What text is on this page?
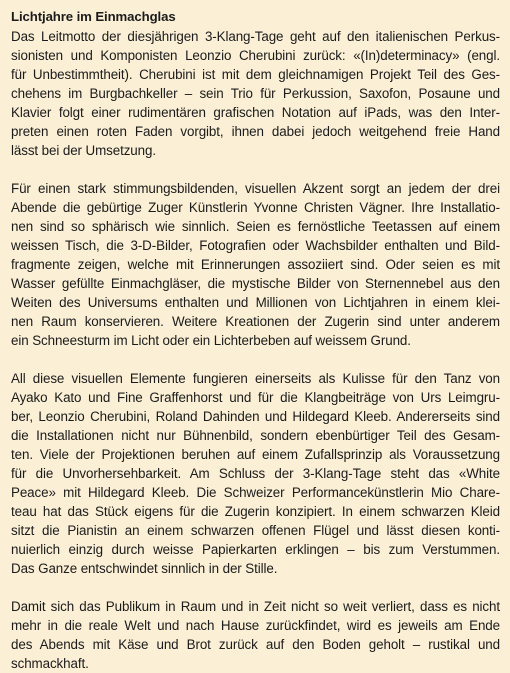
Lichtjahre im Einmachglas
Das Leitmotto der diesjährigen 3-Klang-Tage geht auf den italienischen Perkus-
sionisten und Komponisten Leonzio Cherubini zurück: «(In)determinacy» (engl.
für Unbestimmtheit). Cherubini ist mit dem gleichnamigen Projekt Teil des Ges-
chehens im Burgbachkeller – sein Trio für Perkussion, Saxofon, Posaune und
Klavier folgt einer rudimentären grafischen Notation auf iPads, was den Inter-
preten einen roten Faden vorgibt, ihnen dabei jedoch weitgehend freie Hand
lässt bei der Umsetzung.
Für einen stark stimmungsbildenden, visuellen Akzent sorgt an jedem der drei
Abende die gebürtige Zuger Künstlerin Yvonne Christen Vägner. Ihre Installatio-
nen sind so sphärisch wie sinnlich. Seien es fernöstliche Teetassen auf einem
weissen Tisch, die 3-D-Bilder, Fotografien oder Wachsbilder enthalten und Bild-
fragmente zeigen, welche mit Erinnerungen assoziiert sind. Oder seien es mit
Wasser gefüllte Einmachgläser, die mystische Bilder von Sternennebel aus den
Weiten des Universums enthalten und Millionen von Lichtjahren in einem klei-
nen Raum konservieren. Weitere Kreationen der Zugerin sind unter anderem
ein Schneesturm im Licht oder ein Lichterbeben auf weissem Grund.
All diese visuellen Elemente fungieren einerseits als Kulisse für den Tanz von
Ayako Kato und Fine Graffenhorst und für die Klangbeiträge von Urs Leimgru-
ber, Leonzio Cherubini, Roland Dahinden und Hildegard Kleeb. Andererseits sind
die Installationen nicht nur Bühnenbild, sondern ebenbürtiger Teil des Gesam-
ten. Viele der Projektionen beruhen auf einem Zufallsprinzip als Voraussetzung
für die Unvorhersehbarkeit. Am Schluss der 3-Klang-Tage steht das «White
Peace» mit Hildegard Kleeb. Die Schweizer Performancekünstlerin Mio Chare-
teau hat das Stück eigens für die Zugerin konzipiert. In einem schwarzen Kleid
sitzt die Pianistin an einem schwarzen offenen Flügel und lässt diesen konti-
nuierlich einzig durch weisse Papierkarten erklingen – bis zum Verstummen.
Das Ganze entschwindet sinnlich in der Stille.
Damit sich das Publikum in Raum und in Zeit nicht so weit verliert, dass es nicht
mehr in die reale Welt und nach Hause zurückfindet, wird es jeweils am Ende
des Abends mit Käse und Brot zurück auf den Boden geholt – rustikal und
schmackhaft.
